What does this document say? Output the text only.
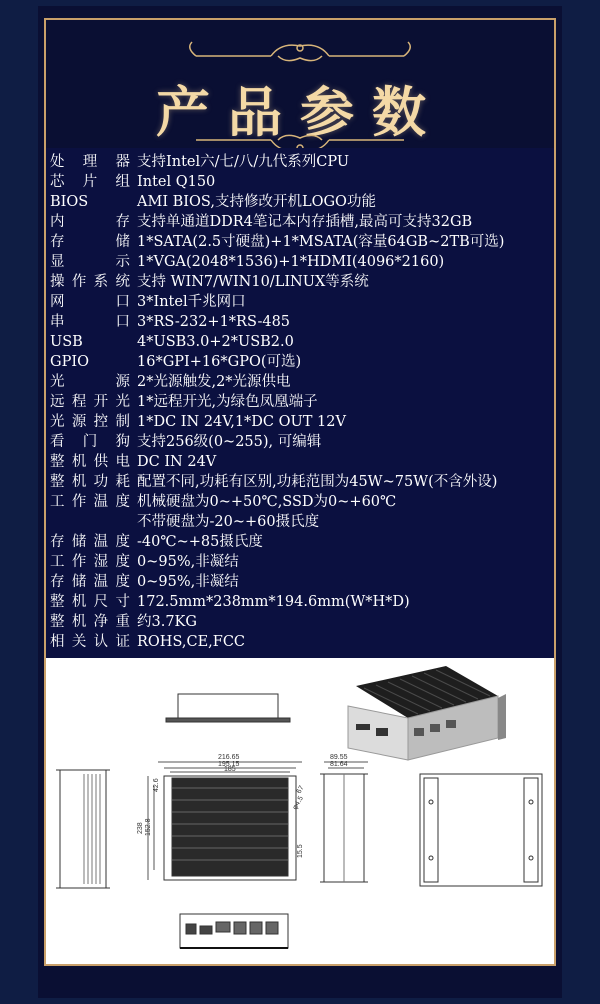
产品参数
处理器 支持Intel六/七/八/九代系列CPU
芯片组 Intel Q150
BIOS	AMI BIOS,支持修改开机LOGO功能
内存 支持单通道DDR4笔记本内存插槽,最高可支持32GB
存储 1*SATA(2.5寸硬盘)+1*MSATA(容量64GB~2TB可选)
显示 1*VGA(2048*1536)+1*HDMI(4096*2160)
操作系统 支持 WIN7/WIN10/LINUX等系统
网口 3*Intel千兆网口
串口 3*RS-232+1*RS-485
USB	4*USB3.0+2*USB2.0
GPIO	16*GPI+16*GPO(可选)
光源 2*光源触发,2*光源供电
远程开光 1*远程开光,为绿色凤凰端子
光源控制 1*DC IN 24V,1*DC OUT 12V
看门狗 支持256级(0~255), 可编辑
整机供电 DC IN 24V
整机功耗 配置不同,功耗有区别,功耗范围为45W~75W(不含外设)
工作温度 机械硬盘为0~+50℃,SSD为0~+60℃
不带硬盘为-20~+60摄氏度
存储温度 -40℃~+85摄氏度
工作湿度 0~95%,非凝结
存储温度 0~95%,非凝结
整机尺寸 172.5mm*238mm*194.6mm(W*H*D)
整机净重 约3.7KG
相关认证 ROHS,CE,FCC
216.65
195.15
185
238 152.8
42.6
15.5
67
φ4.5
89.55
81.64
